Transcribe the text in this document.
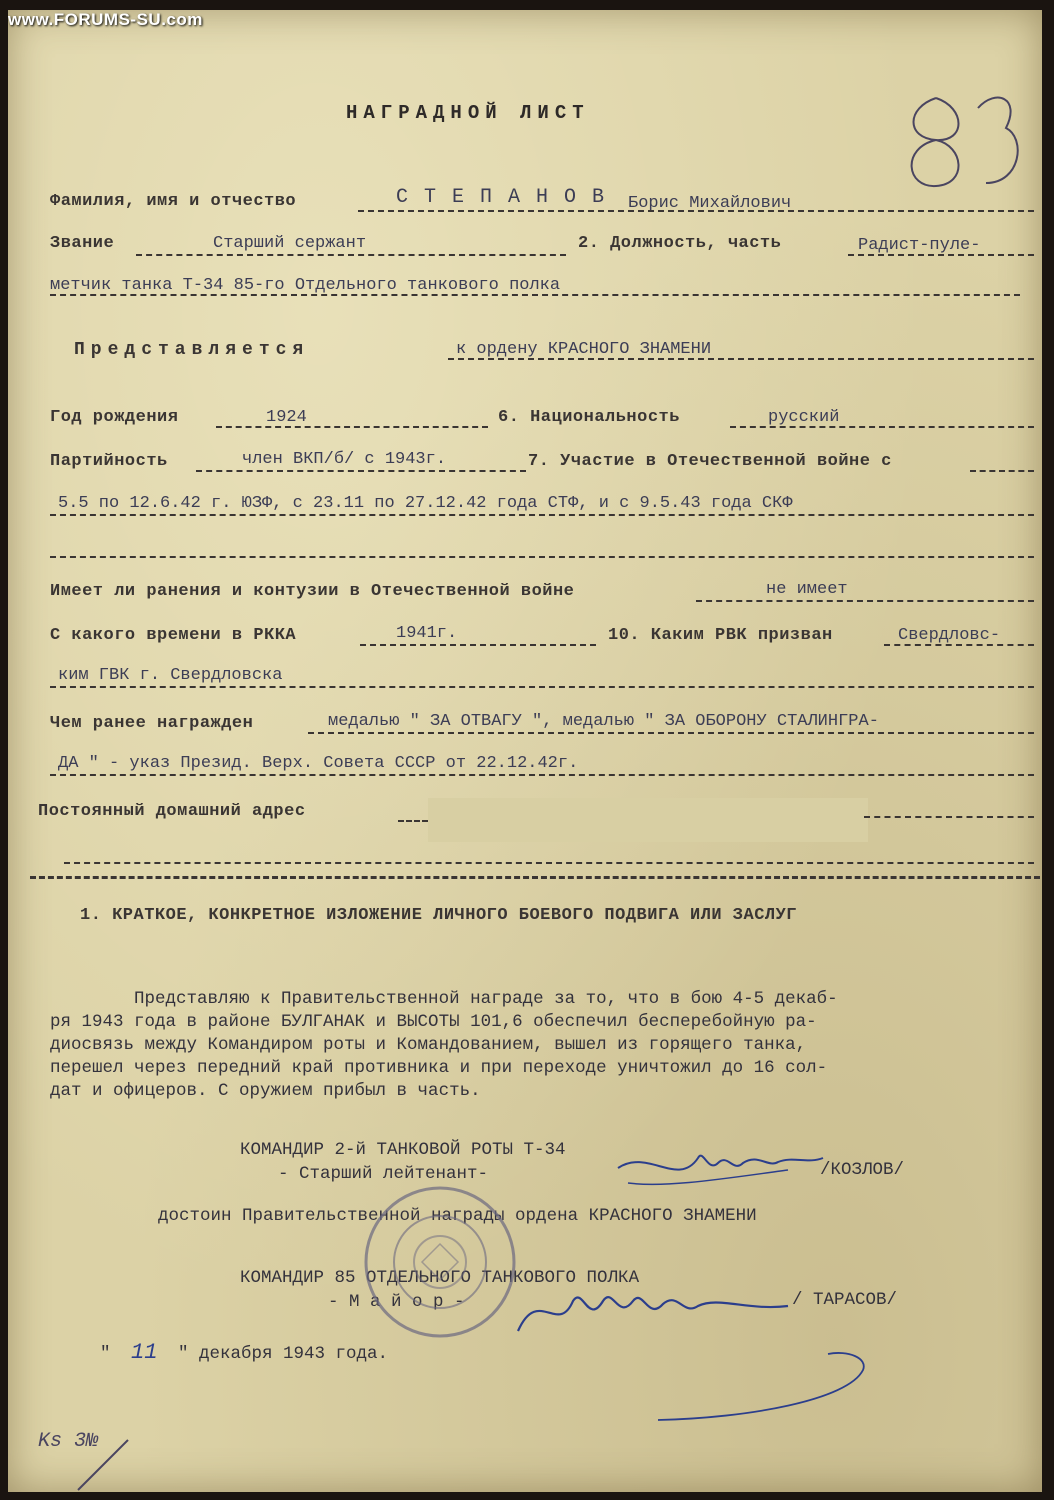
НАГРАДНОЙ ЛИСТ
Фамилия, имя и отчество	С Т Е П А Н О В Борис Михайлович
Звание	Старший сержант	2. Должность, часть	Радист-пуле-
метчик танка Т-34 85-го Отдельного танкового полка
Представляется	к ордену КРАСНОГО ЗНАМЕНИ
Год рождения	1924	6. Национальность	русский
Партийность	член ВКП/б/ с 1943г.	7. Участие в Отечественной войне с
5.5 по 12.6.42 г. ЮЗФ, с 23.11 по 27.12.42 года СТФ, и с 9.5.43 года СКФ
Имеет ли ранения и контузии в Отечественной войне	не имеет
С какого времени в РККА	1941г.	10. Каким РВК призван	Свердловс-
ким ГВК г. Свердловска
Чем ранее награжден	медалью " ЗА ОТВАГУ ", медалью " ЗА ОБОРОНУ СТАЛИНГРА-
ДА " - указ Презид. Верх. Совета СССР от 22.12.42г.
Постоянный домашний адрес
1. КРАТКОЕ, КОНКРЕТНОЕ ИЗЛОЖЕНИЕ ЛИЧНОГО БОЕВОГО ПОДВИГА ИЛИ ЗАСЛУГ
Представляю к Правительственной награде за то, что в бою 4-5 декаб-
ря 1943 года в районе БУЛГАНАК и ВЫСОТЫ 101,6 обеспечил бесперебойную ра-
диосвязь между Командиром роты и Командованием, вышел из горящего танка,
перешел через передний край противника и при переходе уничтожил до 16 сол-
дат и офицеров. С оружием прибыл в часть.
КОМАНДИР 2-й ТАНКОВОЙ РОТЫ Т-34
- Старший лейтенант-	/КОЗЛОВ/
достоин Правительственной награды ордена КРАСНОГО ЗНАМЕНИ
КОМАНДИР 85 ОТДЕЛЬНОГО ТАНКОВОГО ПОЛКА
- М а й о р -	/ ТАРАСОВ/
" 11 " декабря 1943 года.
Ks 3№
www.FORUMS-SU.com
